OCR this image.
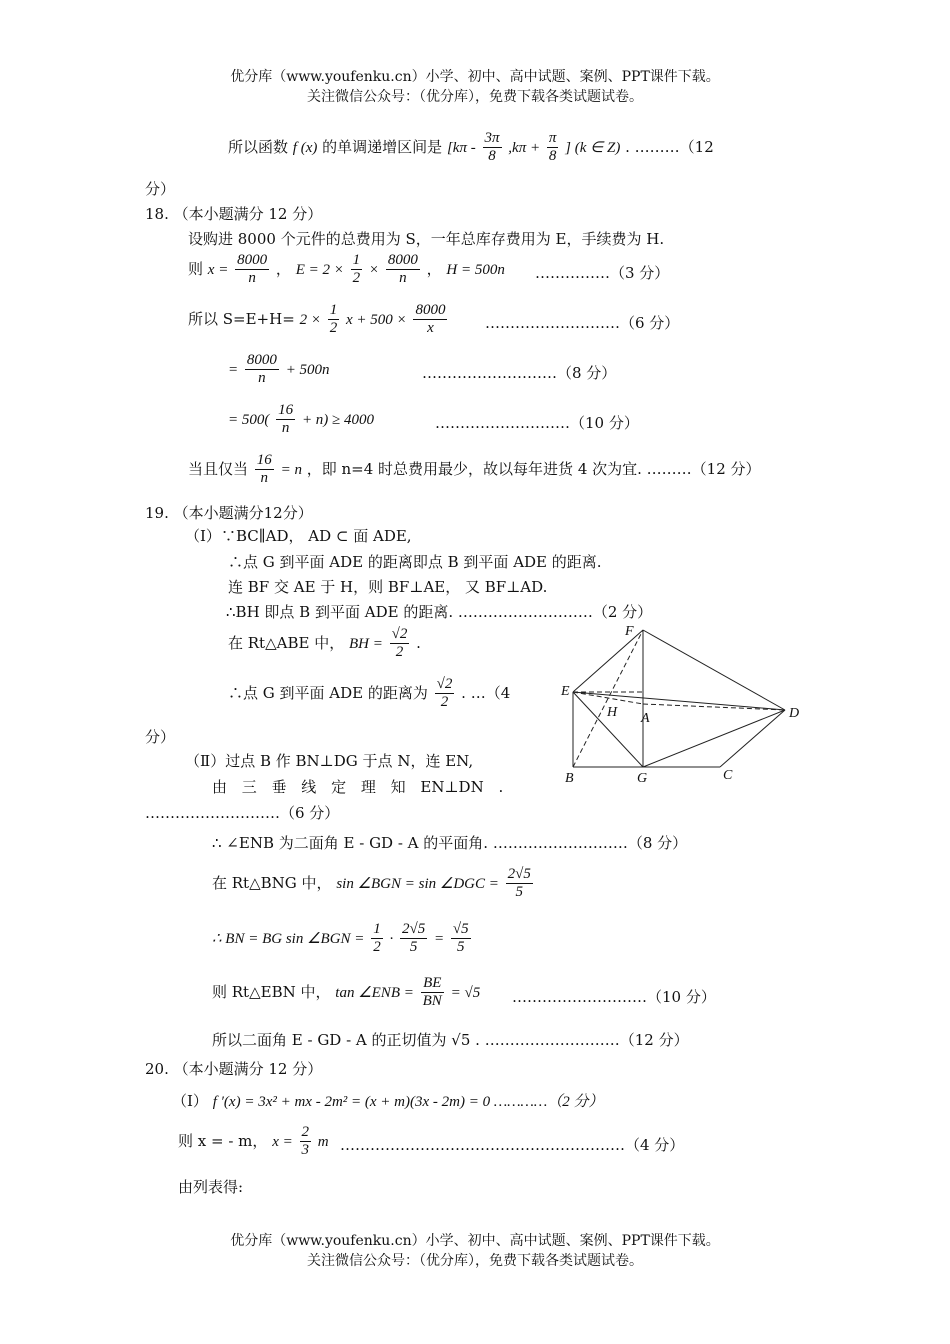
优分库（www.youfenku.cn）小学、初中、高中试题、案例、PPT课件下载。
关注微信公众号：（优分库），免费下载各类试题试卷。
所以函数 f (x) 的单调递增区间是 [$k\pi - \frac{3\pi}{8} ,k\pi + \frac{\pi}{8}$ ] (k ∈ Z) . ………（12
分）
18. （本小题满分 12 分）
设购进 8000 个元件的总费用为 S，一年总库存费用为 E，手续费为 H.
则 $x = \frac{8000}{n}$ ， $E = 2 \times \frac{1}{2} \times \frac{8000}{n}$ ， H = 500n ……………（3 分）
所以 $S=E+H= 2 \times \frac{1}{2}$ $x + 500 \times \frac{8000}{x}$	………………………（6 分）
= $\frac{8000}{n} + 500n$	………………………（8 分）
= $500( \frac{16}{n} + n) \ge 4000$	………………………（10 分）
当且仅当 $\frac{16}{n} = n$ ，即 n=4 时总费用最少，故以每年进货 4 次为宜. ………（12 分）
19. （本小题满分12分）
（Ⅰ）∵BC∥AD， AD ⊂ 面 ADE,
∴点 G 到平面 ADE 的距离即点 B 到平面 ADE 的距离.
连 BF 交 AE 于 H，则 BF⊥AE， 又 BF⊥AD.
∴BH 即点 B 到平面 ADE 的距离. ………………………（2 分）
在 Rt△ABE 中， BH = $\frac{√2}{2}$ .
∴点 G 到平面 ADE 的距离为 $\frac{√2}{2}$ . …（4
分）
F
E
H A	D
B	G	C
（Ⅱ）过点 B 作 BN⊥DG 于点 N，连 EN,
由 三 垂 线 定 理 知 EN⊥DN .
………………………（6 分）
∴ ∠ENB 为二面角 E - GD - A 的平面角. ………………………（8 分）
在 Rt△BNG 中， sin ∠BGN = sin ∠DGC = $\frac{2√5}{5}$
∴ BN = BG sin ∠BGN = $\frac{1}{2} \cdot \frac{2√5}{5} = \frac{√5}{5}$
则 Rt△EBN 中， tan ∠ENB = $\frac{BE}{BN} = √5$ ………………………（10 分）
所以二面角 E - GD - A 的正切值为 √5 . ………………………（12 分）
20. （本小题满分 12 分）
（Ⅰ） f ′(x) = 3x² + mx - 2m² = (x + m)(3x - 2m) = 0 …………（2 分）
则 x = - m， $x = \frac{2}{3}$ m …………………………………………………（4 分）
由列表得:
优分库（www.youfenku.cn）小学、初中、高中试题、案例、PPT课件下载。
关注微信公众号：（优分库），免费下载各类试题试卷。
